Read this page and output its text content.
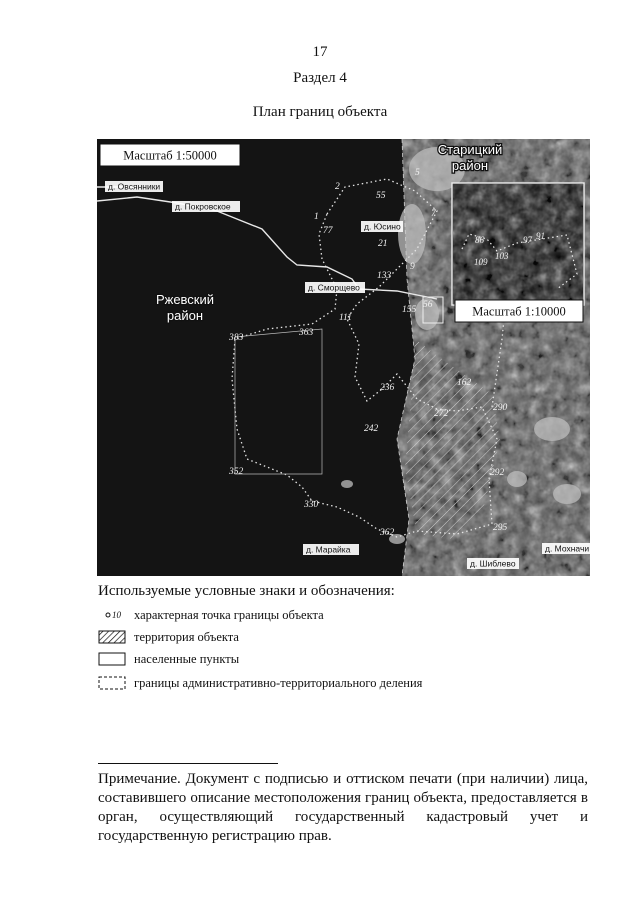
17
Раздел 4
План границ объекта
Масштаб 1:50000
86	97 91
109
103
Масштаб 1:10000
Ржевский
район
Старицкий
район
д. Овсянники
д. Покровское
д. Юсино
д. Сморщево
д. Марайка	д. Мохначи
д. Шиблево
2
55
5
7
1
77
21
9
133
155 56
111
363
383
162
236
272
290
242
292
352
330
362	295
Используемые условные знаки и обозначения:
10 характерная точка границы объекта
территория объекта
населенные пункты
границы административно-территориального деления
Примечание. Документ с подписью и оттиском печати (при наличии) лица, составившего описание местоположения границ объекта, предоставляется в орган, осуществляющий государственный кадастровый учет и государственную регистрацию прав.
